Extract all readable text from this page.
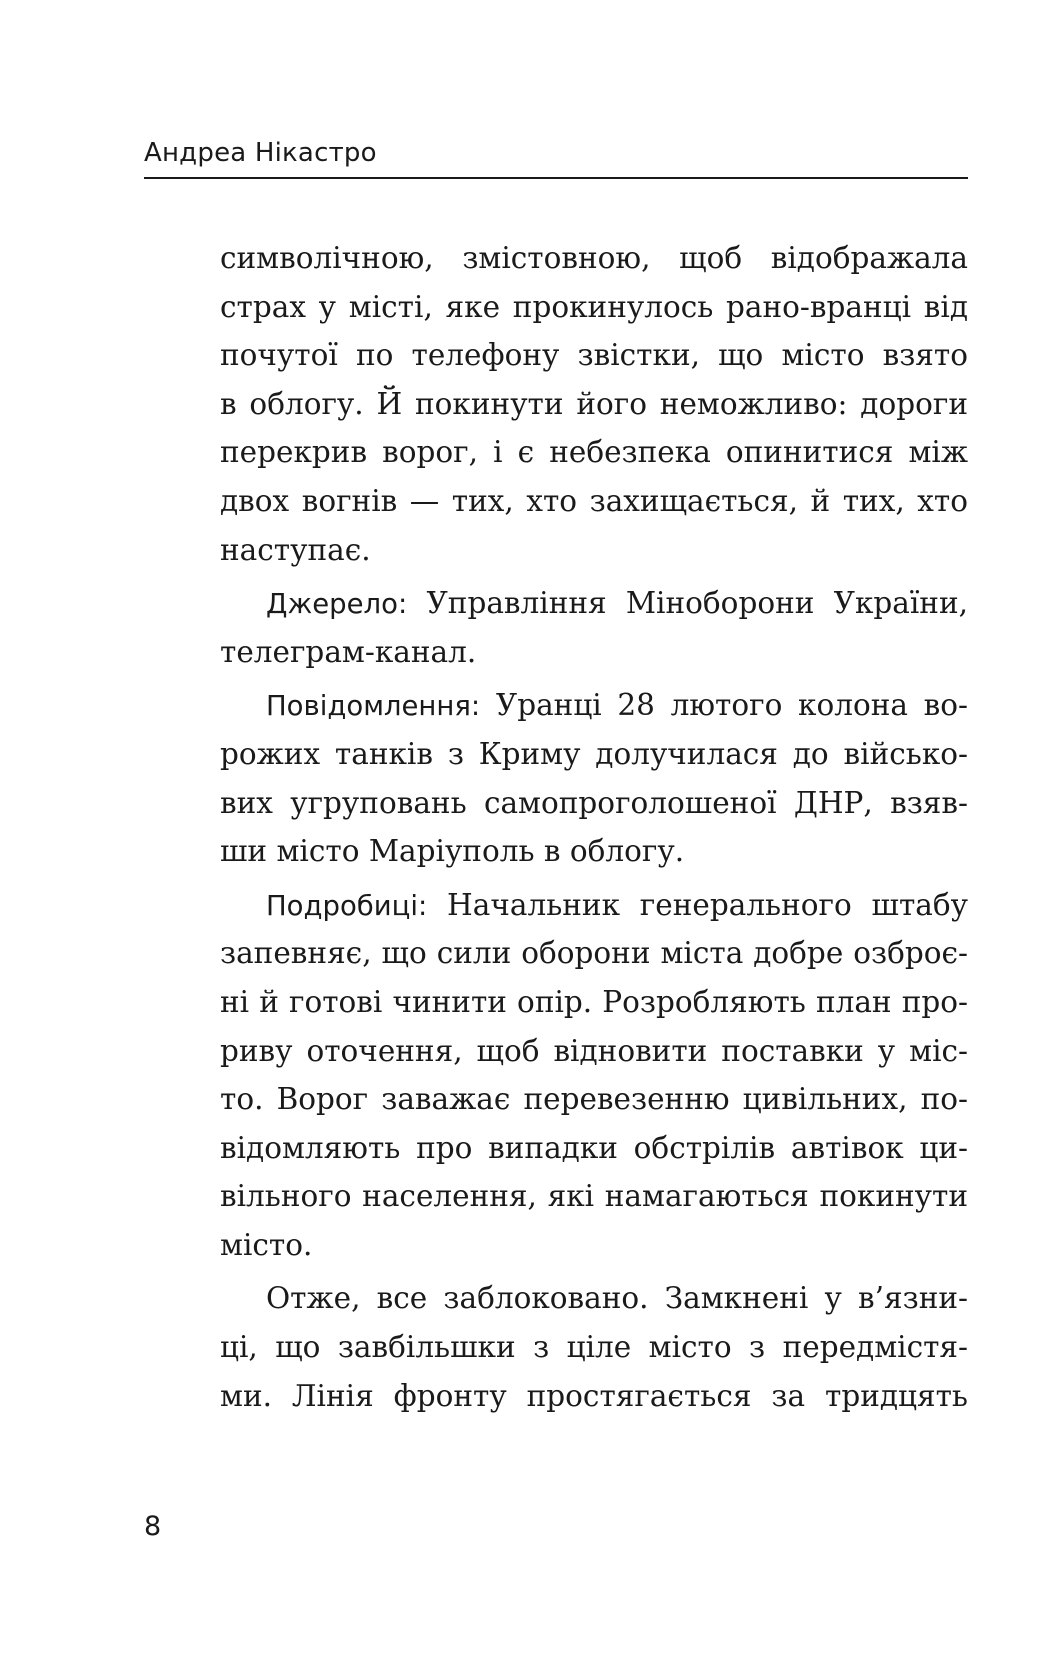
Андреа Нікастро
символічною, змістовною, щоб відображала
страх у місті, яке прокинулось рано-вранці від
почутої по телефону звістки, що місто взято
в облогу. Й покинути його неможливо: дороги
перекрив ворог, і є небезпека опинитися між
двох вогнів — тих, хто захищається, й тих, хто
наступає.
Джерело: Управління Міноборони України,
телеграм-канал.
Повідомлення: Уранці 28 лютого колона во-
рожих танків з Криму долучилася до військо-
вих угруповань самопроголошеної ДНР, взяв-
ши місто Маріуполь в облогу.
Подробиці: Начальник генерального штабу
запевняє, що сили оборони міста добре озброє-
ні й готові чинити опір. Розробляють план про-
риву оточення, щоб відновити поставки у міс-
то. Ворог заважає перевезенню цивільних, по-
відомляють про випадки обстрілів автівок ци-
вільного населення, які намагаються покинути
місто.
Отже, все заблоковано. Замкнені у в’язни-
ці, що завбільшки з ціле місто з передмістя-
ми. Лінія фронту простягається за тридцять
8
